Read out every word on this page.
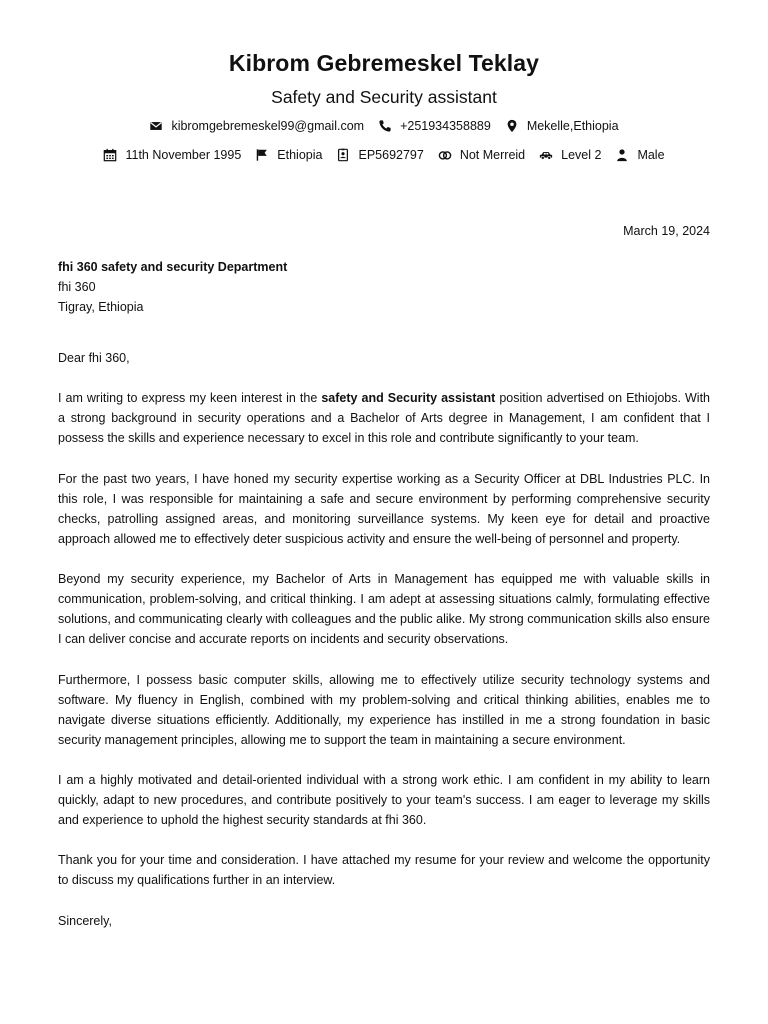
Kibrom Gebremeskel Teklay
Safety and Security assistant
kibromgebremeskel99@gmail.com	+251934358889	Mekelle,Ethiopia
11th November 1995	Ethiopia	EP5692797	Not Merreid	Level 2	Male
March 19, 2024
fhi 360 safety and security Department
fhi 360
Tigray, Ethiopia

Dear fhi 360,

I am writing to express my keen interest in the safety and Security assistant position advertised on Ethiojobs. With a strong background in security operations and a Bachelor of Arts degree in Management, I am confident that I possess the skills and experience necessary to excel in this role and contribute significantly to your team.

For the past two years, I have honed my security expertise working as a Security Officer at DBL Industries PLC. In this role, I was responsible for maintaining a safe and secure environment by performing comprehensive security checks, patrolling assigned areas, and monitoring surveillance systems. My keen eye for detail and proactive approach allowed me to effectively deter suspicious activity and ensure the well-being of personnel and property.

Beyond my security experience, my Bachelor of Arts in Management has equipped me with valuable skills in communication, problem-solving, and critical thinking. I am adept at assessing situations calmly, formulating effective solutions, and communicating clearly with colleagues and the public alike. My strong communication skills also ensure I can deliver concise and accurate reports on incidents and security observations.

Furthermore, I possess basic computer skills, allowing me to effectively utilize security technology systems and software. My fluency in English, combined with my problem-solving and critical thinking abilities, enables me to navigate diverse situations efficiently. Additionally, my experience has instilled in me a strong foundation in basic security management principles, allowing me to support the team in maintaining a secure environment.

I am a highly motivated and detail-oriented individual with a strong work ethic. I am confident in my ability to learn quickly, adapt to new procedures, and contribute positively to your team's success. I am eager to leverage my skills and experience to uphold the highest security standards at fhi 360.

Thank you for your time and consideration. I have attached my resume for your review and welcome the opportunity to discuss my qualifications further in an interview.

Sincerely,
